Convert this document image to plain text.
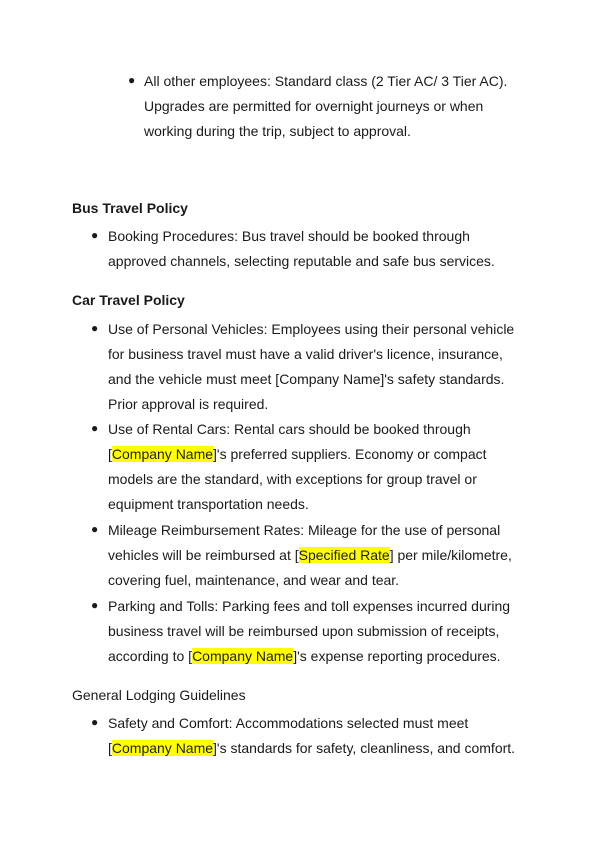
● All other employees: Standard class (2 Tier AC/ 3 Tier AC).
Upgrades are permitted for overnight journeys or when
working during the trip, subject to approval.
Bus Travel Policy
● Booking Procedures: Bus travel should be booked through
approved channels, selecting reputable and safe bus services.
Car Travel Policy
● Use of Personal Vehicles: Employees using their personal vehicle
for business travel must have a valid driver's licence, insurance,
and the vehicle must meet [Company Name]'s safety standards.
Prior approval is required.
● Use of Rental Cars: Rental cars should be booked through
[Company Name]'s preferred suppliers. Economy or compact
models are the standard, with exceptions for group travel or
equipment transportation needs.
● Mileage Reimbursement Rates: Mileage for the use of personal
vehicles will be reimbursed at [Specified Rate] per mile/kilometre,
covering fuel, maintenance, and wear and tear.
● Parking and Tolls: Parking fees and toll expenses incurred during
business travel will be reimbursed upon submission of receipts,
according to [Company Name]'s expense reporting procedures.
General Lodging Guidelines
● Safety and Comfort: Accommodations selected must meet
[Company Name]'s standards for safety, cleanliness, and comfort.
